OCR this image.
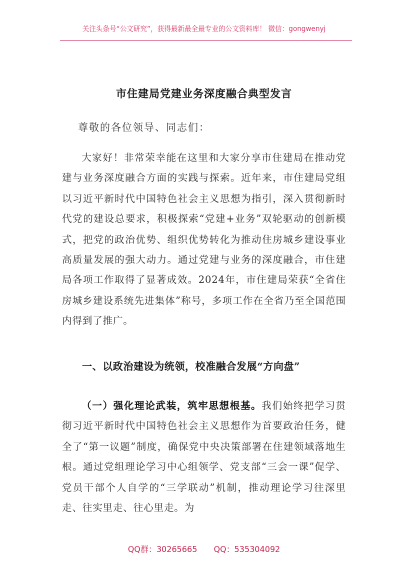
关注头条号“公文研究”，获得最新最全最专业的公文资料库！ 微信：gongwenyj
市住建局党建业务深度融合典型发言
尊敬的各位领导、同志们：
大家好！非常荣幸能在这里和大家分享市住建局在推动党建与业务深度融合方面的实践与探索。近年来，市住建局党组以习近平新时代中国特色社会主义思想为指引，深入贯彻新时代党的建设总要求，积极探索“党建+业务”双轮驱动的创新模式，把党的政治优势、组织优势转化为推动住房城乡建设事业高质量发展的强大动力。通过党建与业务的深度融合，市住建局各项工作取得了显著成效。2024年，市住建局荣获“全省住房城乡建设系统先进集体”称号，多项工作在全省乃至全国范围内得到了推广。
一、以政治建设为统领，校准融合发展“方向盘”
（一）强化理论武装，筑牢思想根基。我们始终把学习贯彻习近平新时代中国特色社会主义思想作为首要政治任务，健全了“第一议题”制度，确保党中央决策部署在住建领域落地生根。通过党组理论学习中心组领学、党支部“三会一课”促学、党员干部个人自学的“三学联动”机制，推动理论学习往深里走、往实里走、往心里走。为
QQ群：30265665 QQ：535304092
